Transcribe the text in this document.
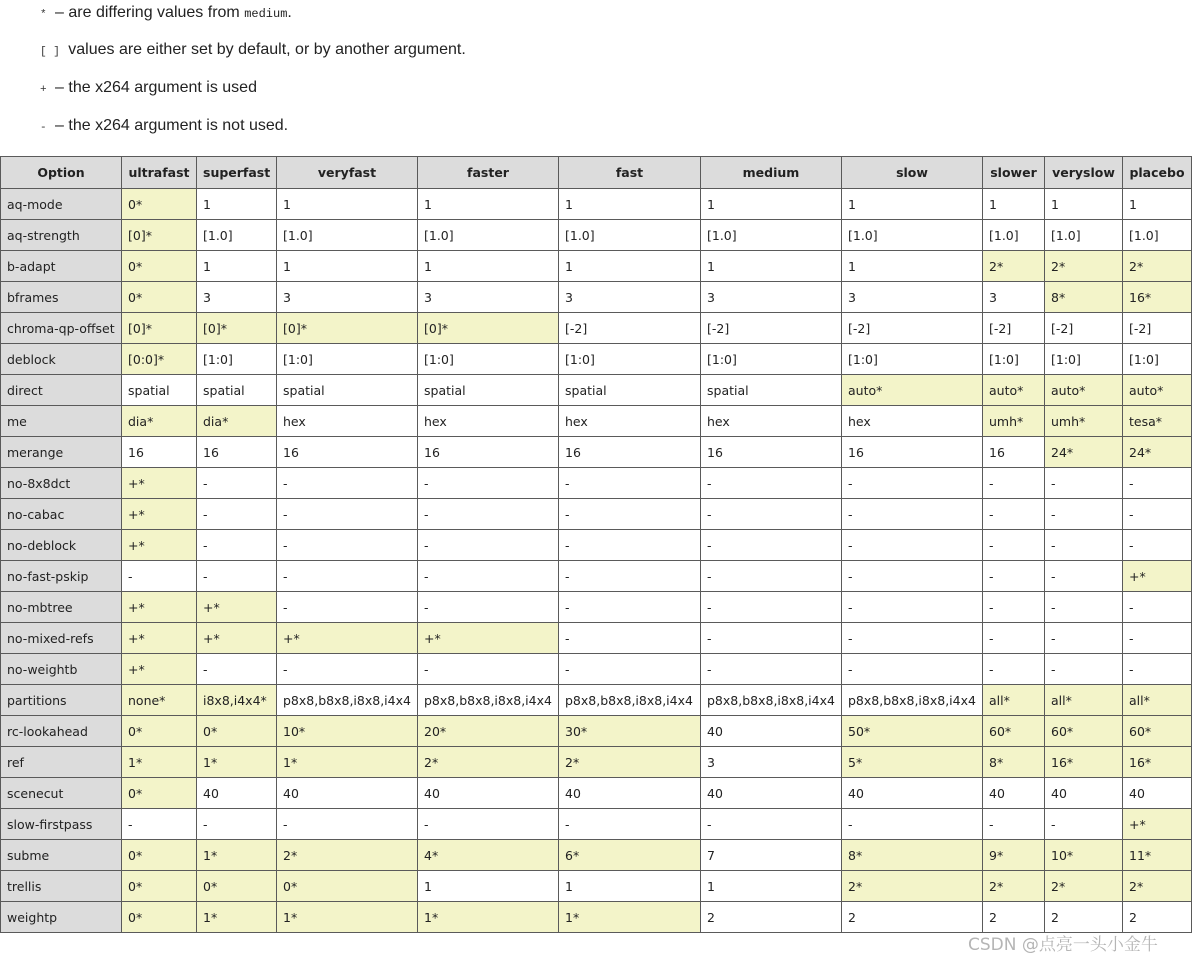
* – are differing values from medium.
[ ] values are either set by default, or by another argument.
+ – the x264 argument is used
- – the x264 argument is not used.
Option	ultrafast	superfast	veryfast	faster	fast	medium	slow	slower	veryslow	placebo
aq-mode	0*	1	1	1	1	1	1	1	1	1
aq-strength	[0]*	[1.0]	[1.0]	[1.0]	[1.0]	[1.0]	[1.0]	[1.0]	[1.0]	[1.0]
b-adapt	0*	1	1	1	1	1	1	2*	2*	2*
bframes	0*	3	3	3	3	3	3	3	8*	16*
chroma-qp-offset	[0]*	[0]*	[0]*	[0]*	[-2]	[-2]	[-2]	[-2]	[-2]	[-2]
deblock	[0:0]*	[1:0]	[1:0]	[1:0]	[1:0]	[1:0]	[1:0]	[1:0]	[1:0]	[1:0]
direct	spatial	spatial	spatial	spatial	spatial	spatial	auto*	auto*	auto*	auto*
me	dia*	dia*	hex	hex	hex	hex	hex	umh*	umh*	tesa*
merange	16	16	16	16	16	16	16	16	24*	24*
no-8x8dct	+*	-	-	-	-	-	-	-	-	-
no-cabac	+*	-	-	-	-	-	-	-	-	-
no-deblock	+*	-	-	-	-	-	-	-	-	-
no-fast-pskip	-	-	-	-	-	-	-	-	-	+*
no-mbtree	+*	+*	-	-	-	-	-	-	-	-
no-mixed-refs	+*	+*	+*	+*	-	-	-	-	-	-
no-weightb	+*	-	-	-	-	-	-	-	-	-
partitions	none*	i8x8,i4x4*	p8x8,b8x8,i8x8,i4x4	p8x8,b8x8,i8x8,i4x4	p8x8,b8x8,i8x8,i4x4	p8x8,b8x8,i8x8,i4x4	p8x8,b8x8,i8x8,i4x4	all*	all*	all*
rc-lookahead	0*	0*	10*	20*	30*	40	50*	60*	60*	60*
ref	1*	1*	1*	2*	2*	3	5*	8*	16*	16*
scenecut	0*	40	40	40	40	40	40	40	40	40
slow-firstpass	-	-	-	-	-	-	-	-	-	+*
subme	0*	1*	2*	4*	6*	7	8*	9*	10*	11*
trellis	0*	0*	0*	1	1	1	2*	2*	2*	2*
weightp	0*	1*	1*	1*	1*	2	2	2	2	2
CSDN @点亮一头小金牛
